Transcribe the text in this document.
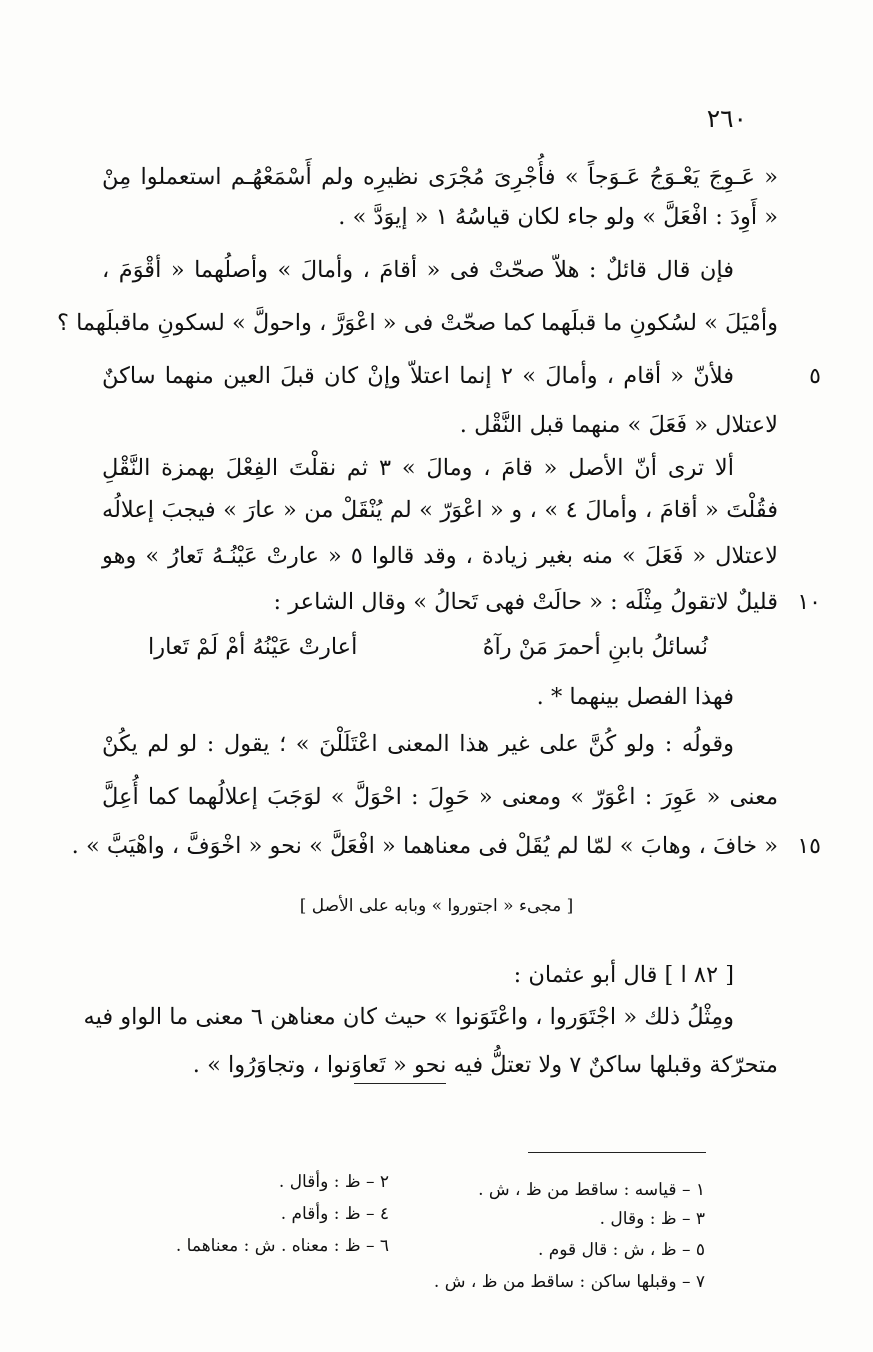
٢٦٠
« عَـوِجَ يَعْـوَجُ عَـوَجاً » فأُجْرِىَ مُجْرَى نظيرِه ولم أَسْمَعْهُـم استعملوا مِنْ
« أَوِدَ : افْعَلَّ » ولو جاء لكان قياسُهُ ١ « إيوَدَّ » .
فإن قال قائلٌ : هلاّ صحّتْ فى « أقامَ ، وأمالَ » وأصلُهما « أقْوَمَ ،
وأمْيَلَ » لسُكونِ ما قبلَهما كما صحّتْ فى « اعْوَرَّ ، واحولَّ » لسكونِ ماقبلَهما ؟
فلأنّ « أقام ، وأمالَ » ٢ إنما اعتلاّ وإنْ كان قبلَ العين منهما ساكنٌ	٥
لاعتلال « فَعَلَ » منهما قبل النَّقْل .
ألا ترى أنّ الأصل « قامَ ، ومالَ » ٣ ثم نقلْتَ الفِعْلَ بهمزة النَّقْلِ
فقُلْتَ « أقامَ ، وأمالَ ٤ » ، و « اعْوَرّ » لم يُنْقَلْ من « عارَ » فيجبَ إعلالُه
لاعتلال « فَعَلَ » منه بغير زيادة ، وقد قالوا ٥ « عارتْ عَيْنُـهُ تَعارُ » وهو
قليلٌ لاتقولُ مِثْلَه : « حالَتْ فهى تَحالُ » وقال الشاعر : ١٠
نُسائلُ بابنِ أحمرَ مَنْ رآهُ
أعارتْ عَيْنُهُ أمْ لَمْ تَعارا
فهذا الفصل بينهما * .
وقولُه : ولو كُنَّ على غير هذا المعنى اعْتَلَلْنَ » ؛ يقول : لو لم يكُنْ
معنى « عَوِرَ : اعْوَرّ » ومعنى « حَوِلَ : احْوَلَّ » لوَجَبَ إعلالُهما كما أُعِلَّ
« خافَ ، وهابَ » لمّا لم يُقَلْ فى معناهما « افْعَلَّ » نحو « اخْوَفَّ ، واهْيَبَّ » . ١٥
[ مجىء « اجتوروا » وبابه على الأصل ]
[ ٨٢ ا ] قال أبو عثمان :
ومِثْلُ ذلك « اجْتَوَروا ، واعْتَوَنوا » حيث كان معناهن ٦ معنى ما الواو فيه
متحرّكة وقبلها ساكنٌ ٧ ولا تعتلُّ فيه نحو « تَعاوَنوا ، وتجاوَرُوا » .
١ – قياسه : ساقط من ظ ، ش .
٢ – ظ : وأقال .
٣ – ظ : وقال .
٤ – ظ : وأقام .
٥ – ظ ، ش : قال قوم .
٦ – ظ : معناه . ش : معناهما .
٧ – وقبلها ساكن : ساقط من ظ ، ش .
